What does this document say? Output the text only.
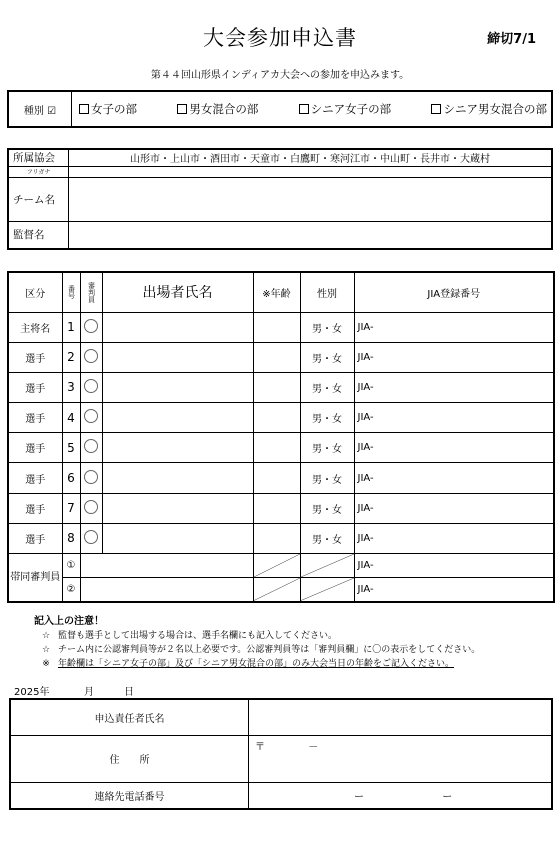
大会参加申込書	締切7/1
第４４回山形県インディアカ大会への参加を申込みます。
種別 ☑	女子の部	男女混合の部	シニア女子の部	シニア男女混合の部
所属協会	山形市・上山市・酒田市・天童市・白鷹町・寒河江市・中山町・長井市・大蔵村
フリガナ	
チーム名	
監督名	
区分	番号	審判員	出場者氏名	※年齢	性別	JIA登録番号
主将名	1				男・女	JIA-
選手	2				男・女	JIA-
選手	3				男・女	JIA-
選手	4				男・女	JIA-
選手	5				男・女	JIA-
選手	6				男・女	JIA-
選手	7				男・女	JIA-
選手	8				男・女	JIA-
帯同審判員	①					JIA-
	②					JIA-
記入上の注意！
☆ 監督も選手として出場する場合は、選手名欄にも記入してください。
☆ チーム内に公認審判員等が２名以上必要です。公認審判員等は「審判員欄」に〇の表示をしてください。
※ 年齢欄は「シニア女子の部」及び「シニア男女混合の部」のみ大会当日の年齢をご記入ください。
2025年	月	日
申込責任者氏名	
住　　所	〒 －
連絡先電話番号	ー ー
